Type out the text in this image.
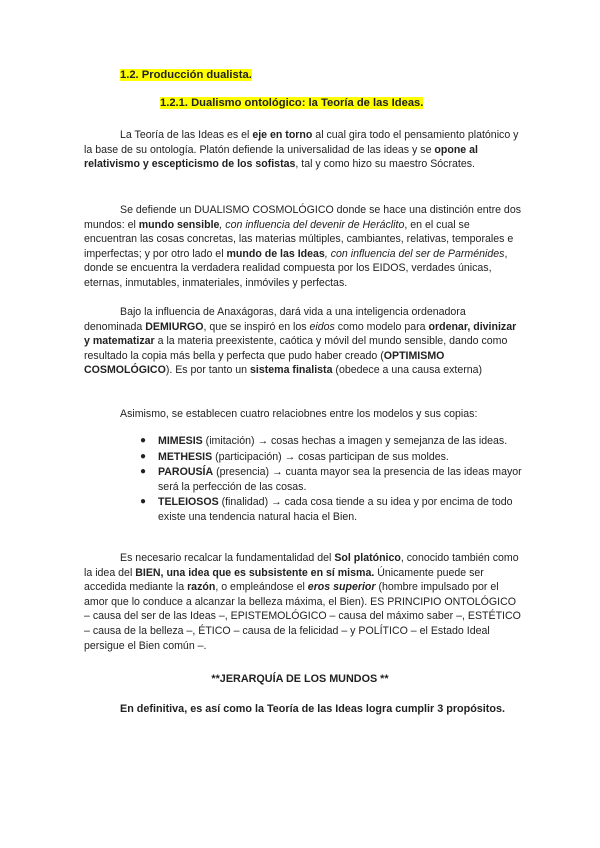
1.2. Producción dualista.
1.2.1. Dualismo ontológico: la Teoría de las Ideas.

La Teoría de las Ideas es el eje en torno al cual gira todo el pensamiento platónico y la base de su ontología. Platón defiende la universalidad de las ideas y se opone al relativismo y escepticismo de los sofistas, tal y como hizo su maestro Sócrates.

Se defiende un DUALISMO COSMOLÓGICO donde se hace una distinción entre dos mundos: el mundo sensible, con influencia del devenir de Heráclito, en el cual se encuentran las cosas concretas, las materias múltiples, cambiantes, relativas, temporales e imperfectas; y por otro lado el mundo de las Ideas, con influencia del ser de Parménides, donde se encuentra la verdadera realidad compuesta por los EIDOS, verdades únicas, eternas, inmutables, inmateriales, inmóviles y perfectas.

Bajo la influencia de Anaxágoras, dará vida a una inteligencia ordenadora denominada DEMIURGO, que se inspiró en los eidos como modelo para ordenar, divinizar y matematizar a la materia preexistente, caótica y móvil del mundo sensible, dando como resultado la copia más bella y perfecta que pudo haber creado (OPTIMISMO COSMOLÓGICO). Es por tanto un sistema finalista (obedece a una causa externa)

Asimismo, se establecen cuatro relaciobnes entre los modelos y sus copias:

● MIMESIS (imitación) → cosas hechas a imagen y semejanza de las ideas.
● METHESIS (participación) → cosas participan de sus moldes.
● PAROUSÍA (presencia) → cuanta mayor sea la presencia de las ideas mayor será la perfección de las cosas.
● TELEIOSOS (finalidad) → cada cosa tiende a su idea y por encima de todo existe una tendencia natural hacia el Bien.

Es necesario recalcar la fundamentalidad del Sol platónico, conocido también como la idea del BIEN, una idea que es subsistente en sí misma. Únicamente puede ser accedida mediante la razón, o empleándose el eros superior (hombre impulsado por el amor que lo conduce a alcanzar la belleza máxima, el Bien). ES PRINCIPIO ONTOLÓGICO – causa del ser de las Ideas –, EPISTEMOLÓGICO – causa del máximo saber –, ESTÉTICO – causa de la belleza –, ÉTICO – causa de la felicidad – y POLÍTICO – el Estado Ideal persigue el Bien común –.

**JERARQUÍA DE LOS MUNDOS **

En definitiva, es así como la Teoría de las Ideas logra cumplir 3 propósitos.
